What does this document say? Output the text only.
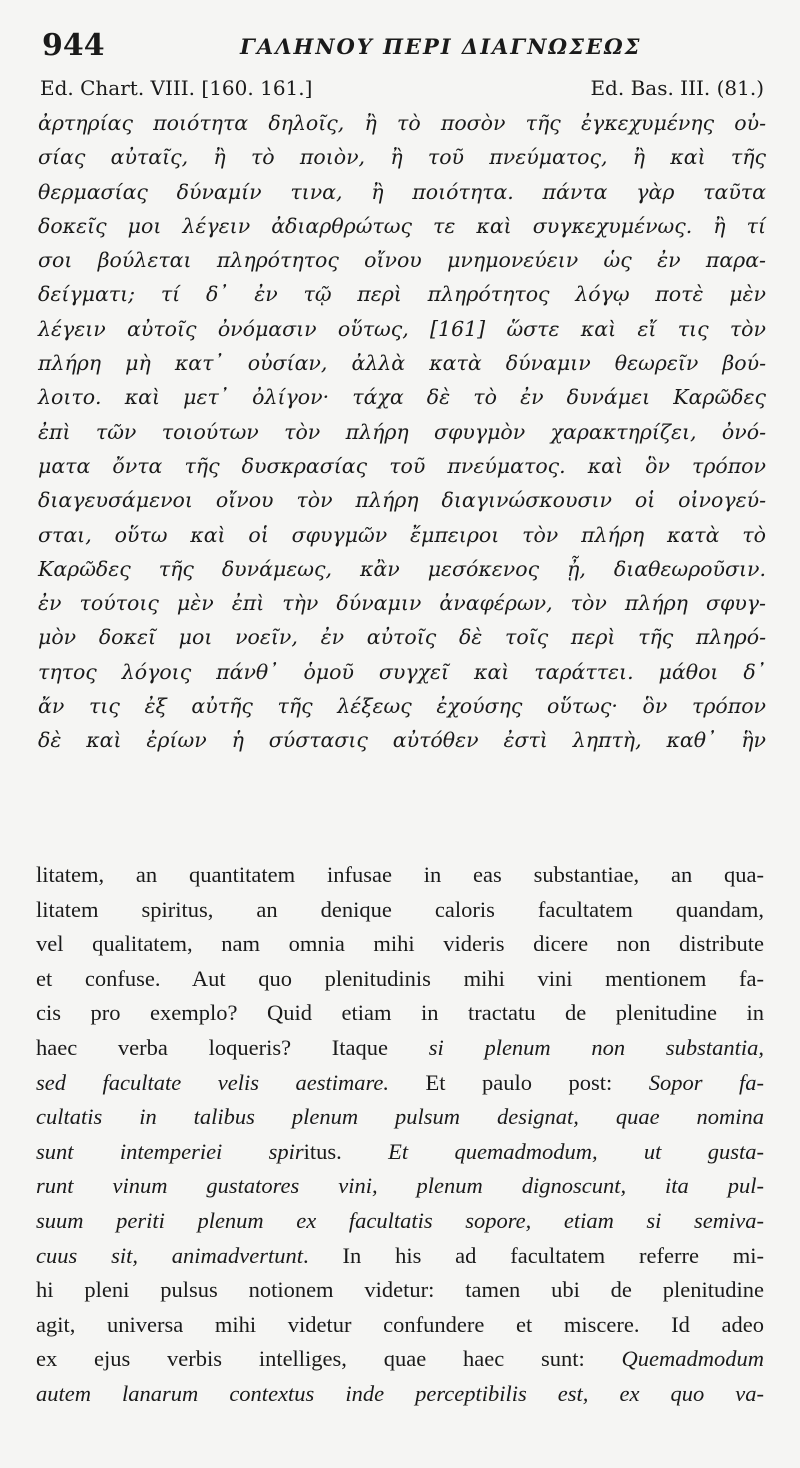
944	ΓΑΛΗΝΟΥ ΠΕΡΙ ΔΙΑΓΝΩΣΕΩΣ
Ed. Chart. VIII. [160. 161.]	Ed. Bas. III. (81.)
ἀρτηρίας ποιότητα δηλοῖς, ἢ τὸ ποσὸν τῆς ἐγκεχυμένης οὐ-
σίας αὐταῖς, ἢ τὸ ποιὸν, ἢ τοῦ πνεύματος, ἢ καὶ τῆς
θερμασίας δύναμίν τινα, ἢ ποιότητα. πάντα γὰρ ταῦτα
δοκεῖς μοι λέγειν ἀδιαρθρώτως τε καὶ συγκεχυμένως. ἢ τί
σοι βούλεται πληρότητος οἴνου μνημονεύειν ὡς ἐν παρα-
δείγματι; τί δ᾽ ἐν τῷ περὶ πληρότητος λόγῳ ποτὲ μὲν
λέγειν αὐτοῖς ὀνόμασιν οὕτως, [161] ὥστε καὶ εἴ τις τὸν
πλήρη μὴ κατ᾽ οὐσίαν, ἀλλὰ κατὰ δύναμιν θεωρεῖν βού-
λοιτο. καὶ μετ᾽ ὀλίγον· τάχα δὲ τὸ ἐν δυνάμει Καρῶδες
ἐπὶ τῶν τοιούτων τὸν πλήρη σφυγμὸν χαρακτηρίζει, ὀνό-
ματα ὄντα τῆς δυσκρασίας τοῦ πνεύματος. καὶ ὃν τρόπον
διαγευσάμενοι οἴνου τὸν πλήρη διαγινώσκουσιν οἱ οἰνογεύ-
σται, οὕτω καὶ οἱ σφυγμῶν ἔμπειροι τὸν πλήρη κατὰ τὸ
Καρῶδες τῆς δυνάμεως, κἂν μεσόκενος ᾖ, διαθεωροῦσιν.
ἐν τούτοις μὲν ἐπὶ τὴν δύναμιν ἀναφέρων, τὸν πλήρη σφυγ-
μὸν δοκεῖ μοι νοεῖν, ἐν αὐτοῖς δὲ τοῖς περὶ τῆς πληρό-
τητος λόγοις πάνθ᾽ ὁμοῦ συγχεῖ καὶ ταράττει. μάθοι δ᾽
ἄν τις ἐξ αὐτῆς τῆς λέξεως ἐχούσης οὕτως· ὃν τρόπον
δὲ καὶ ἐρίων ἡ σύστασις αὐτόθεν ἐστὶ ληπτὴ, καθ᾽ ἣν
litatem, an quantitatem infusae in eas substantiae, an qua-
litatem spiritus, an denique caloris facultatem quandam,
vel qualitatem, nam omnia mihi videris dicere non distribute
et confuse. Aut quo plenitudinis mihi vini mentionem fa-
cis pro exemplo? Quid etiam in tractatu de plenitudine in
haec verba loqueris? Itaque si plenum non substantia,
sed facultate velis aestimare. Et paulo post: Sopor fa-
cultatis in talibus plenum pulsum designat, quae nomina
sunt intemperiei spiritus. Et quemadmodum, ut gusta-
runt vinum gustatores vini, plenum dignoscunt, ita pul-
suum periti plenum ex facultatis sopore, etiam si semiva-
cuus sit, animadvertunt. In his ad facultatem referre mi-
hi pleni pulsus notionem videtur: tamen ubi de plenitudine
agit, universa mihi videtur confundere et miscere. Id adeo
ex ejus verbis intelliges, quae haec sunt: Quemadmodum
autem lanarum contextus inde perceptibilis est, ex quo va-
